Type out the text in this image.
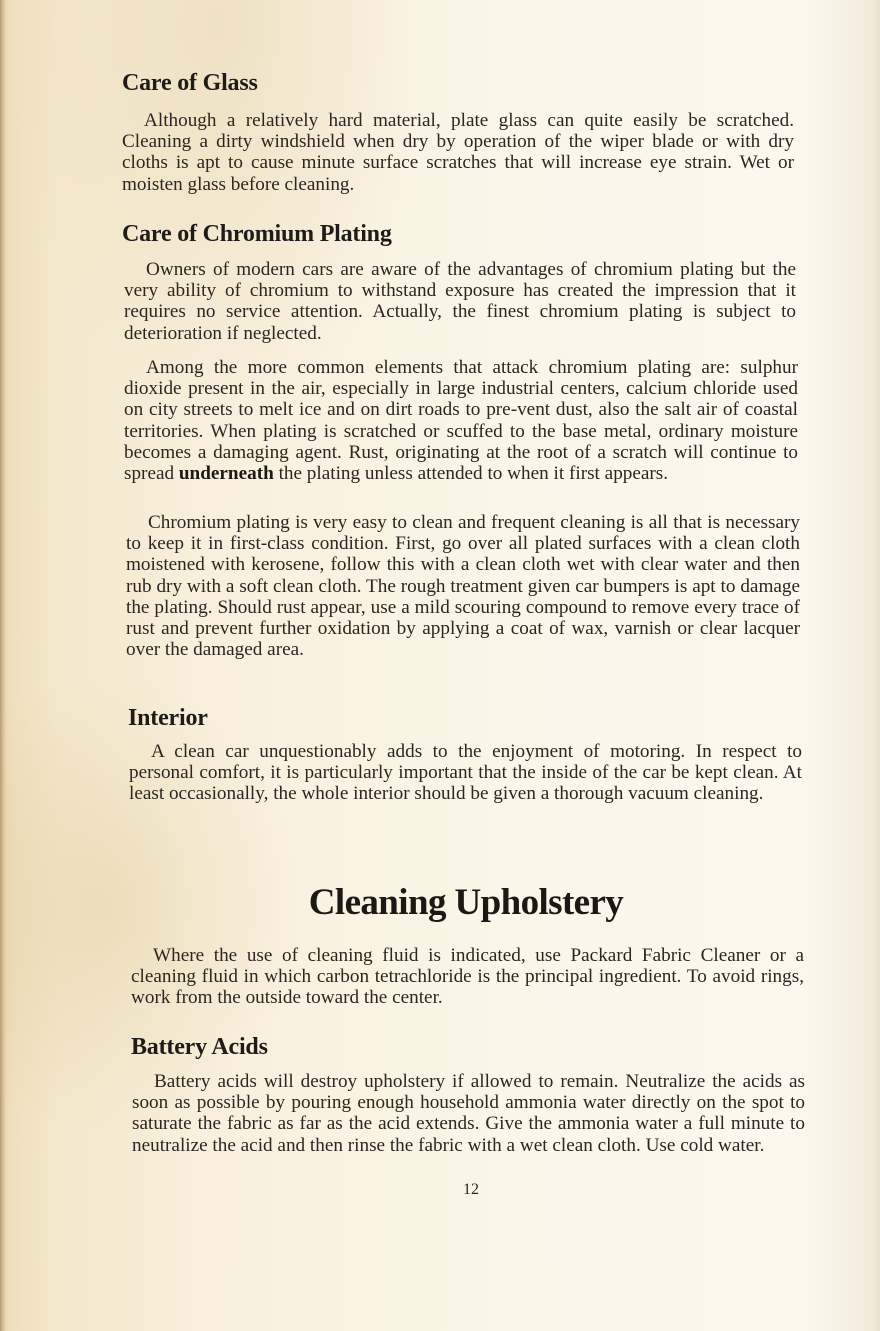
Care of Glass

Although a relatively hard material, plate glass can quite easily be scratched. Cleaning a dirty windshield when dry by operation of the wiper blade or with dry cloths is apt to cause minute surface scratches that will increase eye strain. Wet or moisten glass before cleaning.

Care of Chromium Plating

Owners of modern cars are aware of the advantages of chromium plating but the very ability of chromium to withstand exposure has created the impression that it requires no service attention. Actually, the finest chromium plating is subject to deterioration if neglected.

Among the more common elements that attack chromium plating are: sulphur dioxide present in the air, especially in large industrial centers, calcium chloride used on city streets to melt ice and on dirt roads to pre-vent dust, also the salt air of coastal territories. When plating is scratched or scuffed to the base metal, ordinary moisture becomes a damaging agent. Rust, originating at the root of a scratch will continue to spread underneath the plating unless attended to when it first appears.

Chromium plating is very easy to clean and frequent cleaning is all that is necessary to keep it in first-class condition. First, go over all plated surfaces with a clean cloth moistened with kerosene, follow this with a clean cloth wet with clear water and then rub dry with a soft clean cloth. The rough treatment given car bumpers is apt to damage the plating. Should rust appear, use a mild scouring compound to remove every trace of rust and prevent further oxidation by applying a coat of wax, varnish or clear lacquer over the damaged area.

Interior

A clean car unquestionably adds to the enjoyment of motoring. In respect to personal comfort, it is particularly important that the inside of the car be kept clean. At least occasionally, the whole interior should be given a thorough vacuum cleaning.

Cleaning Upholstery

Where the use of cleaning fluid is indicated, use Packard Fabric Cleaner or a cleaning fluid in which carbon tetrachloride is the principal ingredient. To avoid rings, work from the outside toward the center.

Battery Acids

Battery acids will destroy upholstery if allowed to remain. Neutralize the acids as soon as possible by pouring enough household ammonia water directly on the spot to saturate the fabric as far as the acid extends. Give the ammonia water a full minute to neutralize the acid and then rinse the fabric with a wet clean cloth. Use cold water.

12
